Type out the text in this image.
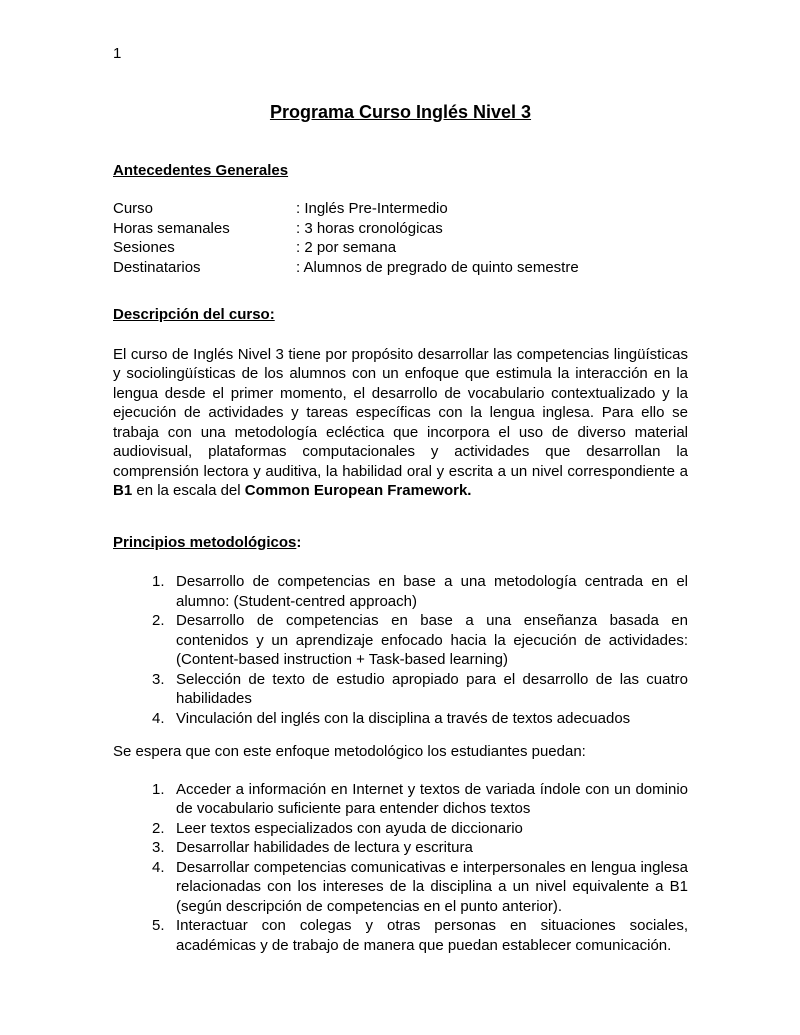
1
Programa Curso Inglés Nivel 3
Antecedentes Generales
Curso	: Inglés Pre-Intermedio
Horas semanales	: 3 horas cronológicas
Sesiones	: 2 por semana
Destinatarios	: Alumnos de pregrado de quinto semestre
Descripción del curso:

El curso de Inglés Nivel 3 tiene por propósito desarrollar las competencias lingüísticas y sociolingüísticas de los alumnos con un enfoque que estimula la interacción en la lengua desde el primer momento, el desarrollo de vocabulario contextualizado y la ejecución de actividades y tareas específicas con la lengua inglesa. Para ello se trabaja con una metodología ecléctica que incorpora el uso de diverso material audiovisual, plataformas computacionales y actividades que desarrollan la comprensión lectora y auditiva, la habilidad oral y escrita a un nivel correspondiente a B1 en la escala del Common European Framework.

Principios metodológicos:
1. Desarrollo de competencias en base a una metodología centrada en el alumno: (Student-centred approach)
2. Desarrollo de competencias en base a una enseñanza basada en contenidos y un aprendizaje enfocado hacia la ejecución de actividades: (Content-based instruction + Task-based learning)
3. Selección de texto de estudio apropiado para el desarrollo de las cuatro habilidades
4. Vinculación del inglés con la disciplina a través de textos adecuados

Se espera que con este enfoque metodológico los estudiantes puedan:

1. Acceder a información en Internet y textos de variada índole con un dominio de vocabulario suficiente para entender dichos textos
2. Leer textos especializados con ayuda de diccionario
3. Desarrollar habilidades de lectura y escritura
4. Desarrollar competencias comunicativas e interpersonales en lengua inglesa relacionadas con los intereses de la disciplina a un nivel equivalente a B1 (según descripción de competencias en el punto anterior).
5. Interactuar con colegas y otras personas en situaciones sociales, académicas y de trabajo de manera que puedan establecer comunicación.
